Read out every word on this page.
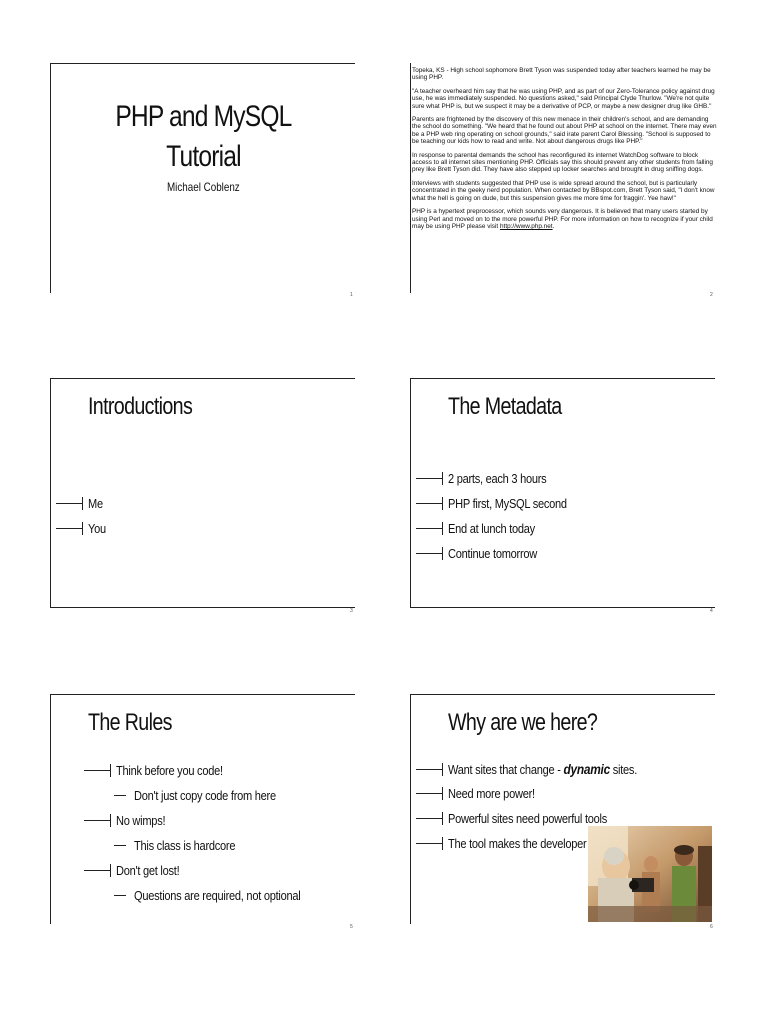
PHP and MySQL
Tutorial
Michael Coblenz
1

Topeka, KS - High school sophomore Brett Tyson was suspended today after teachers learned he may be using PHP.

"A teacher overheard him say that he was using PHP, and as part of our Zero-Tolerance policy against drug use, he was immediately suspended. No questions asked," said Principal Clyde Thurlow. "We're not quite sure what PHP is, but we suspect it may be a derivative of PCP, or maybe a new designer drug like GHB."

Parents are frightened by the discovery of this new menace in their children's school, and are demanding the school do something. "We heard that he found out about PHP at school on the internet. There may even be a PHP web ring operating on school grounds," said irate parent Carol Blessing. "School is supposed to be teaching our kids how to read and write. Not about dangerous drugs like PHP."

In response to parental demands the school has reconfigured its internet WatchDog software to block access to all internet sites mentioning PHP. Officials say this should prevent any other students from falling prey like Brett Tyson did. They have also stepped up locker searches and brought in drug sniffing dogs.

Interviews with students suggested that PHP use is wide spread around the school, but is particularly concentrated in the geeky nerd population. When contacted by BBspot.com, Brett Tyson said, "I don't know what the hell is going on dude, but this suspension gives me more time for fraggin'. Yee haw!"

PHP is a hypertext preprocessor, which sounds very dangerous. It is believed that many users started by using Perl and moved on to the more powerful PHP. For more information on how to recognize if your child may be using PHP please visit http://www.php.net.

2
Introductions
Me
You
3
The Metadata
2 parts, each 3 hours
PHP first, MySQL second
End at lunch today
Continue tomorrow
4
The Rules
Think before you code!
Don't just copy code from here
No wimps!
This class is hardcore
Don't get lost!
Questions are required, not optional
5
Why are we here?
Want sites that change - dynamic sites.
Need more power!
Powerful sites need powerful tools
The tool makes the developer
6
